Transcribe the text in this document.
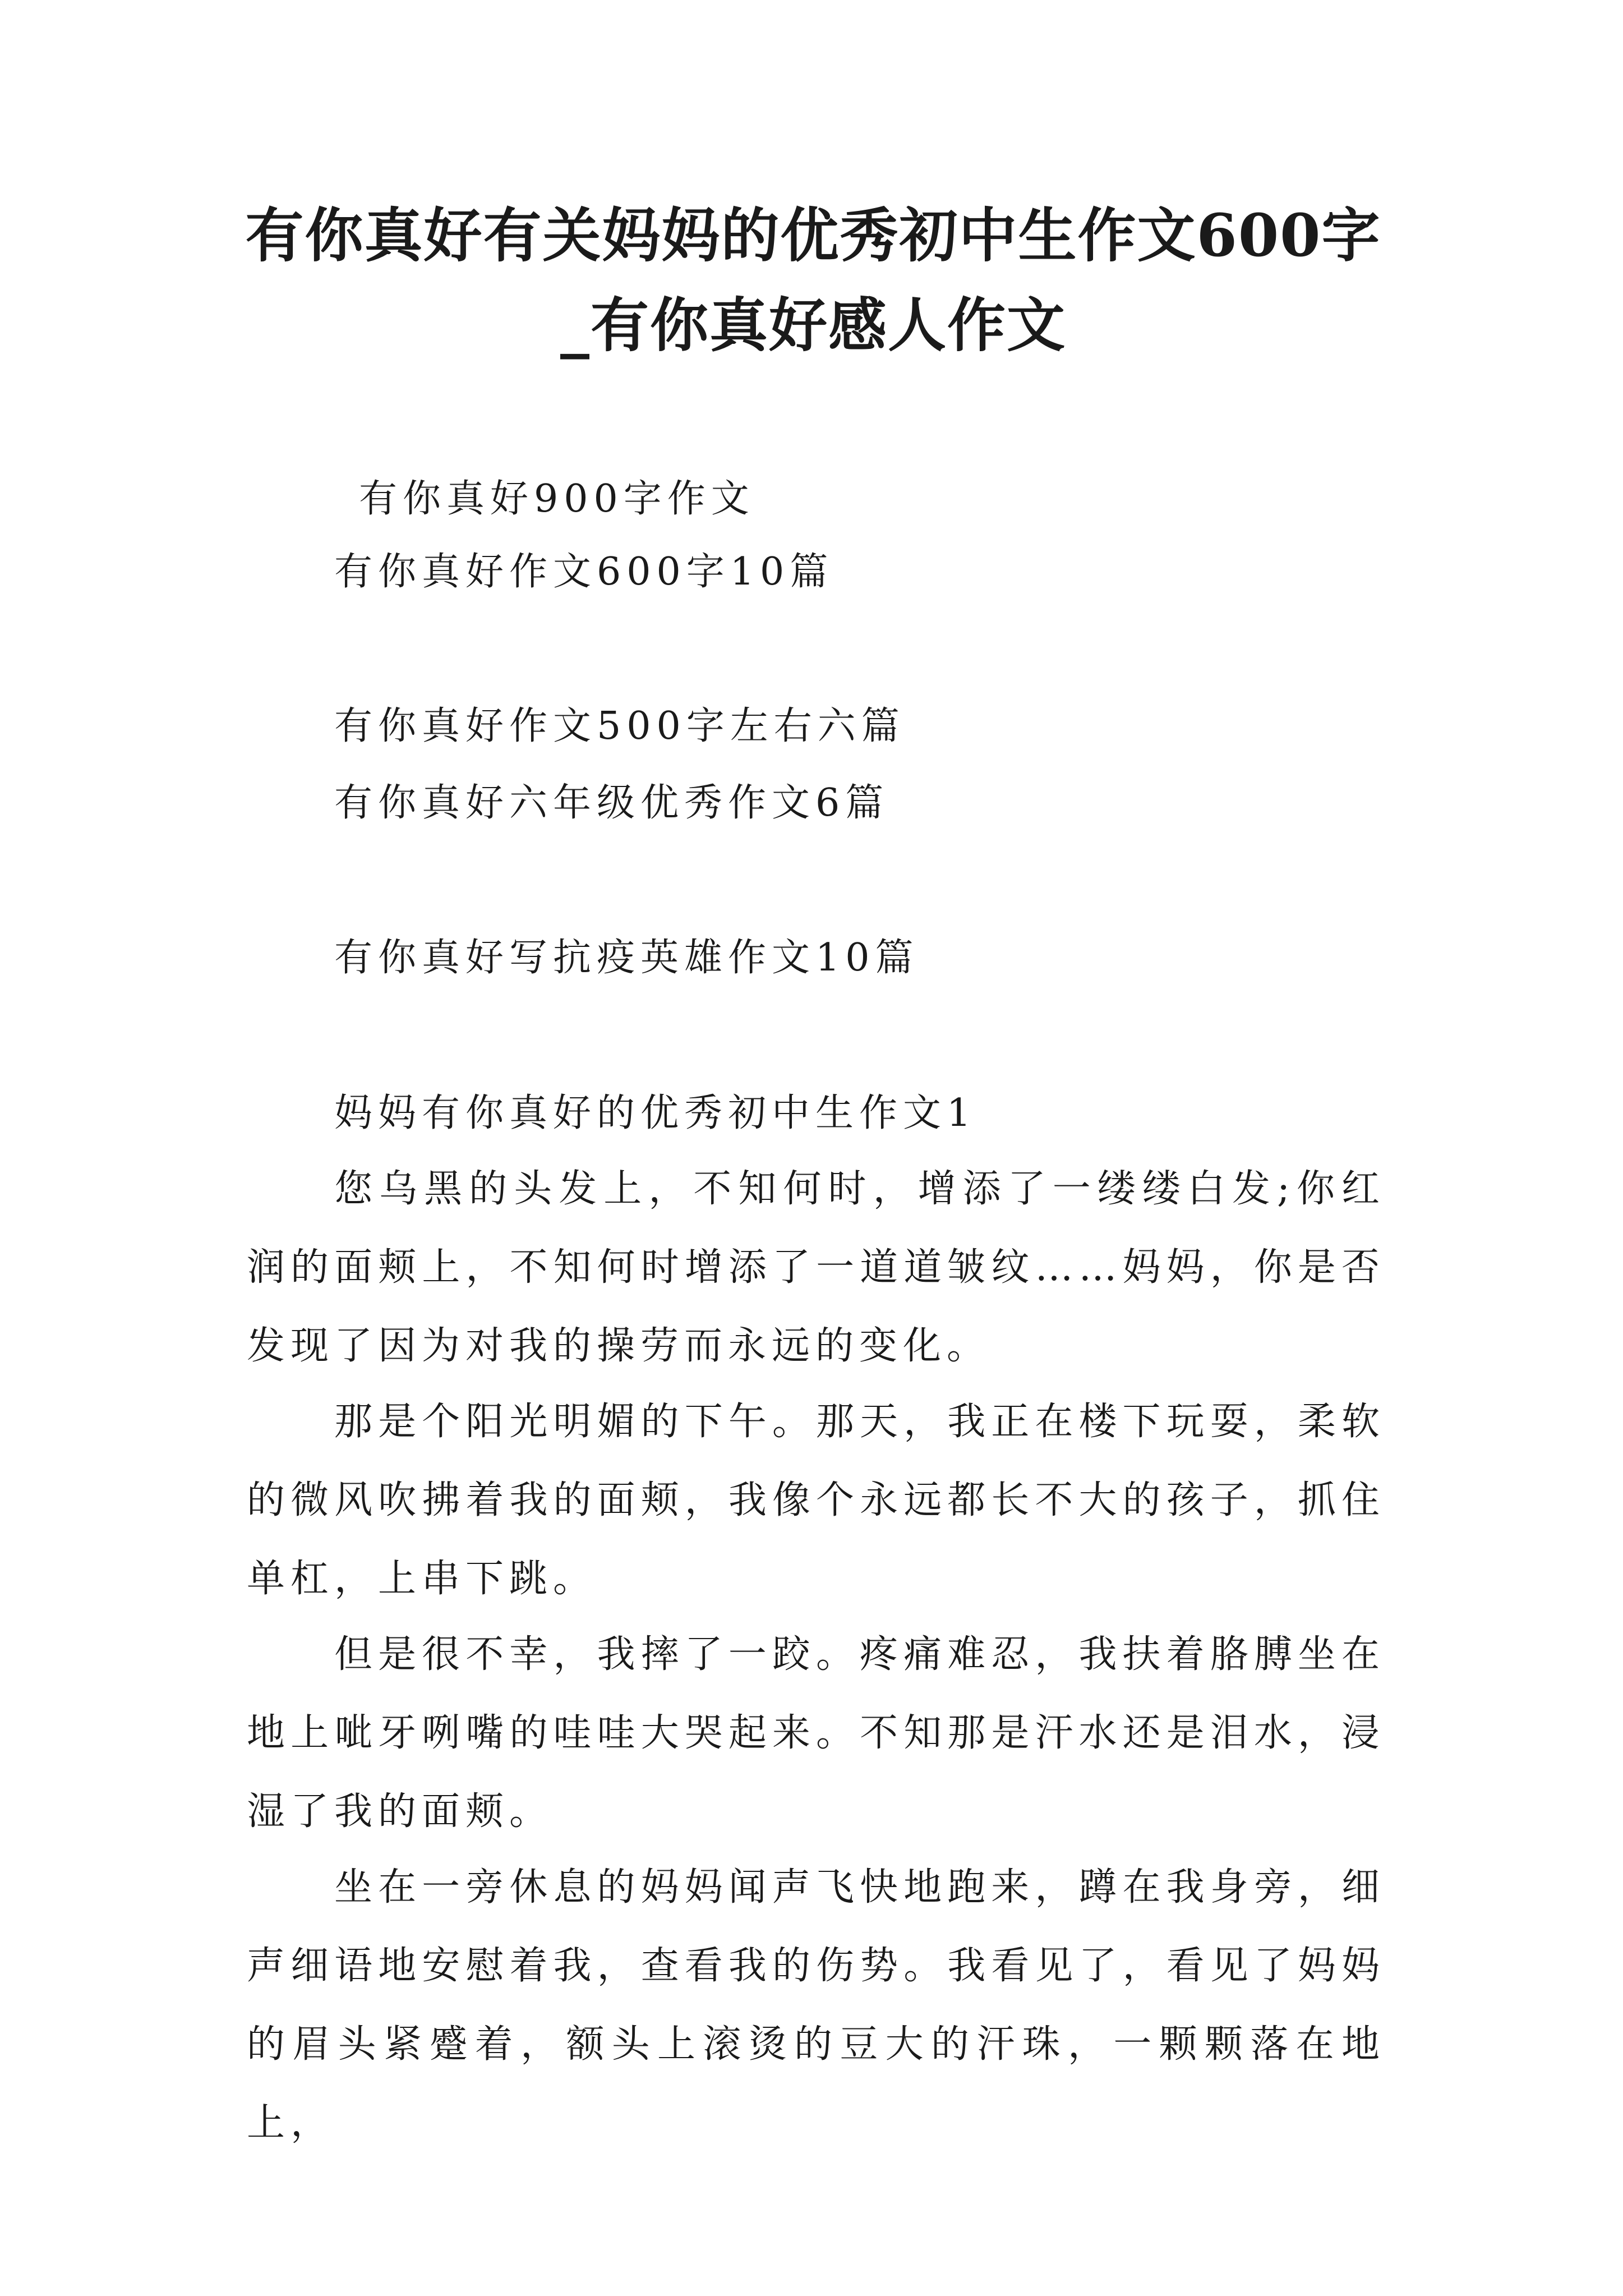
有你真好有关妈妈的优秀初中生作文600字
_有你真好感人作文

有你真好900字作文

有你真好作文600字10篇

有你真好作文500字左右六篇

有你真好六年级优秀作文6篇

有你真好写抗疫英雄作文10篇

妈妈有你真好的优秀初中生作文1

您乌黑的头发上，不知何时，增添了一缕缕白发;你红润的面颊上，不知何时增添了一道道皱纹……妈妈，你是否发现了因为对我的操劳而永远的变化。

那是个阳光明媚的下午。那天，我正在楼下玩耍，柔软的微风吹拂着我的面颊，我像个永远都长不大的孩子，抓住单杠，上串下跳。

但是很不幸，我摔了一跤。疼痛难忍，我扶着胳膊坐在地上呲牙咧嘴的哇哇大哭起来。不知那是汗水还是泪水，浸湿了我的面颊。

坐在一旁休息的妈妈闻声飞快地跑来，蹲在我身旁，细声细语地安慰着我，查看我的伤势。我看见了，看见了妈妈的眉头紧蹙着，额头上滚烫的豆大的汗珠，一颗颗落在地上，
